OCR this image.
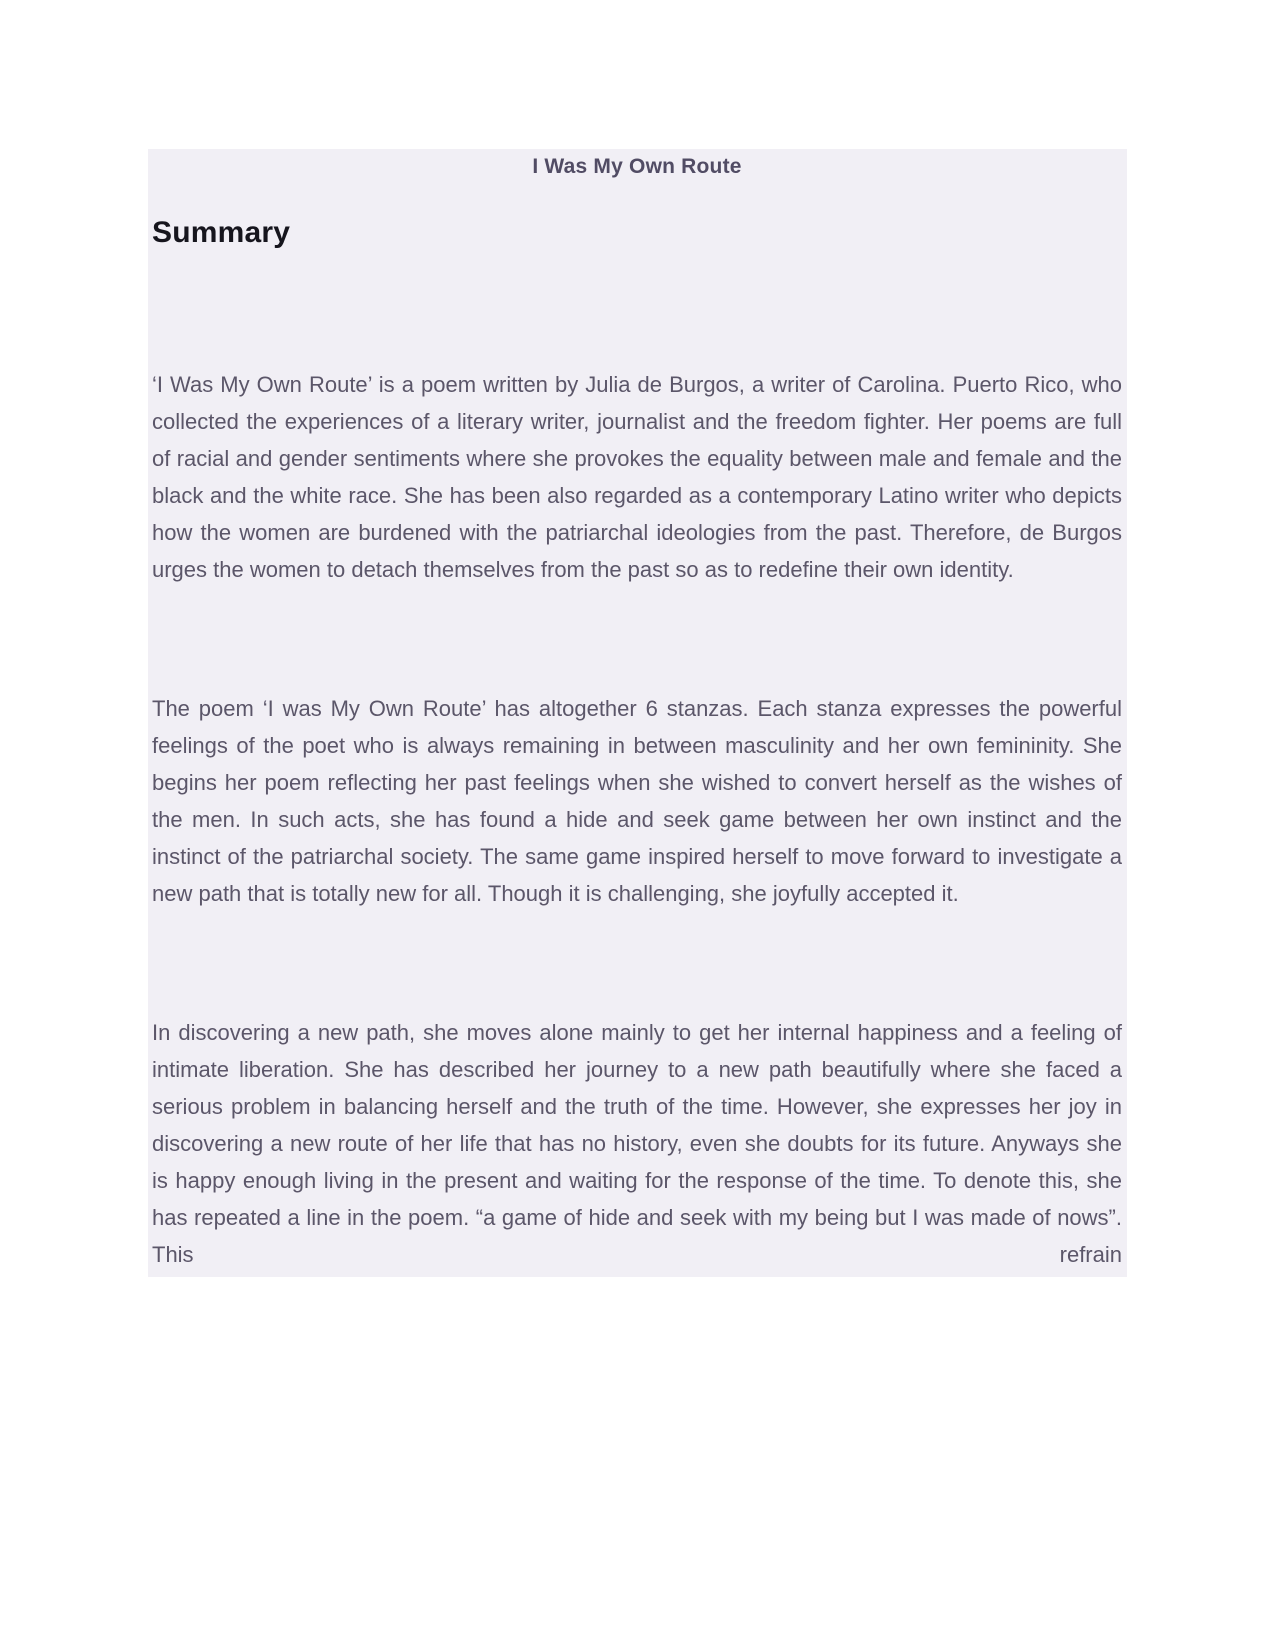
I Was My Own Route
Summary

‘I Was My Own Route’ is a poem written by Julia de Burgos, a writer of Carolina. Puerto Rico, who collected the experiences of a literary writer, journalist and the freedom fighter. Her poems are full of racial and gender sentiments where she provokes the equality between male and female and the black and the white race. She has been also regarded as a contemporary Latino writer who depicts how the women are burdened with the patriarchal ideologies from the past. Therefore, de Burgos urges the women to detach themselves from the past so as to redefine their own identity.

The poem ‘I was My Own Route’ has altogether 6 stanzas. Each stanza expresses the powerful feelings of the poet who is always remaining in between masculinity and her own femininity. She begins her poem reflecting her past feelings when she wished to convert herself as the wishes of the men. In such acts, she has found a hide and seek game between her own instinct and the instinct of the patriarchal society. The same game inspired herself to move forward to investigate a new path that is totally new for all. Though it is challenging, she joyfully accepted it.

In discovering a new path, she moves alone mainly to get her internal happiness and a feeling of intimate liberation. She has described her journey to a new path beautifully where she faced a serious problem in balancing herself and the truth of the time. However, she expresses her joy in discovering a new route of her life that has no history, even she doubts for its future. Anyways she is happy enough living in the present and waiting for the response of the time. To denote this, she has repeated a line in the poem. “a game of hide and seek with my being but I was made of nows”. This refrain
